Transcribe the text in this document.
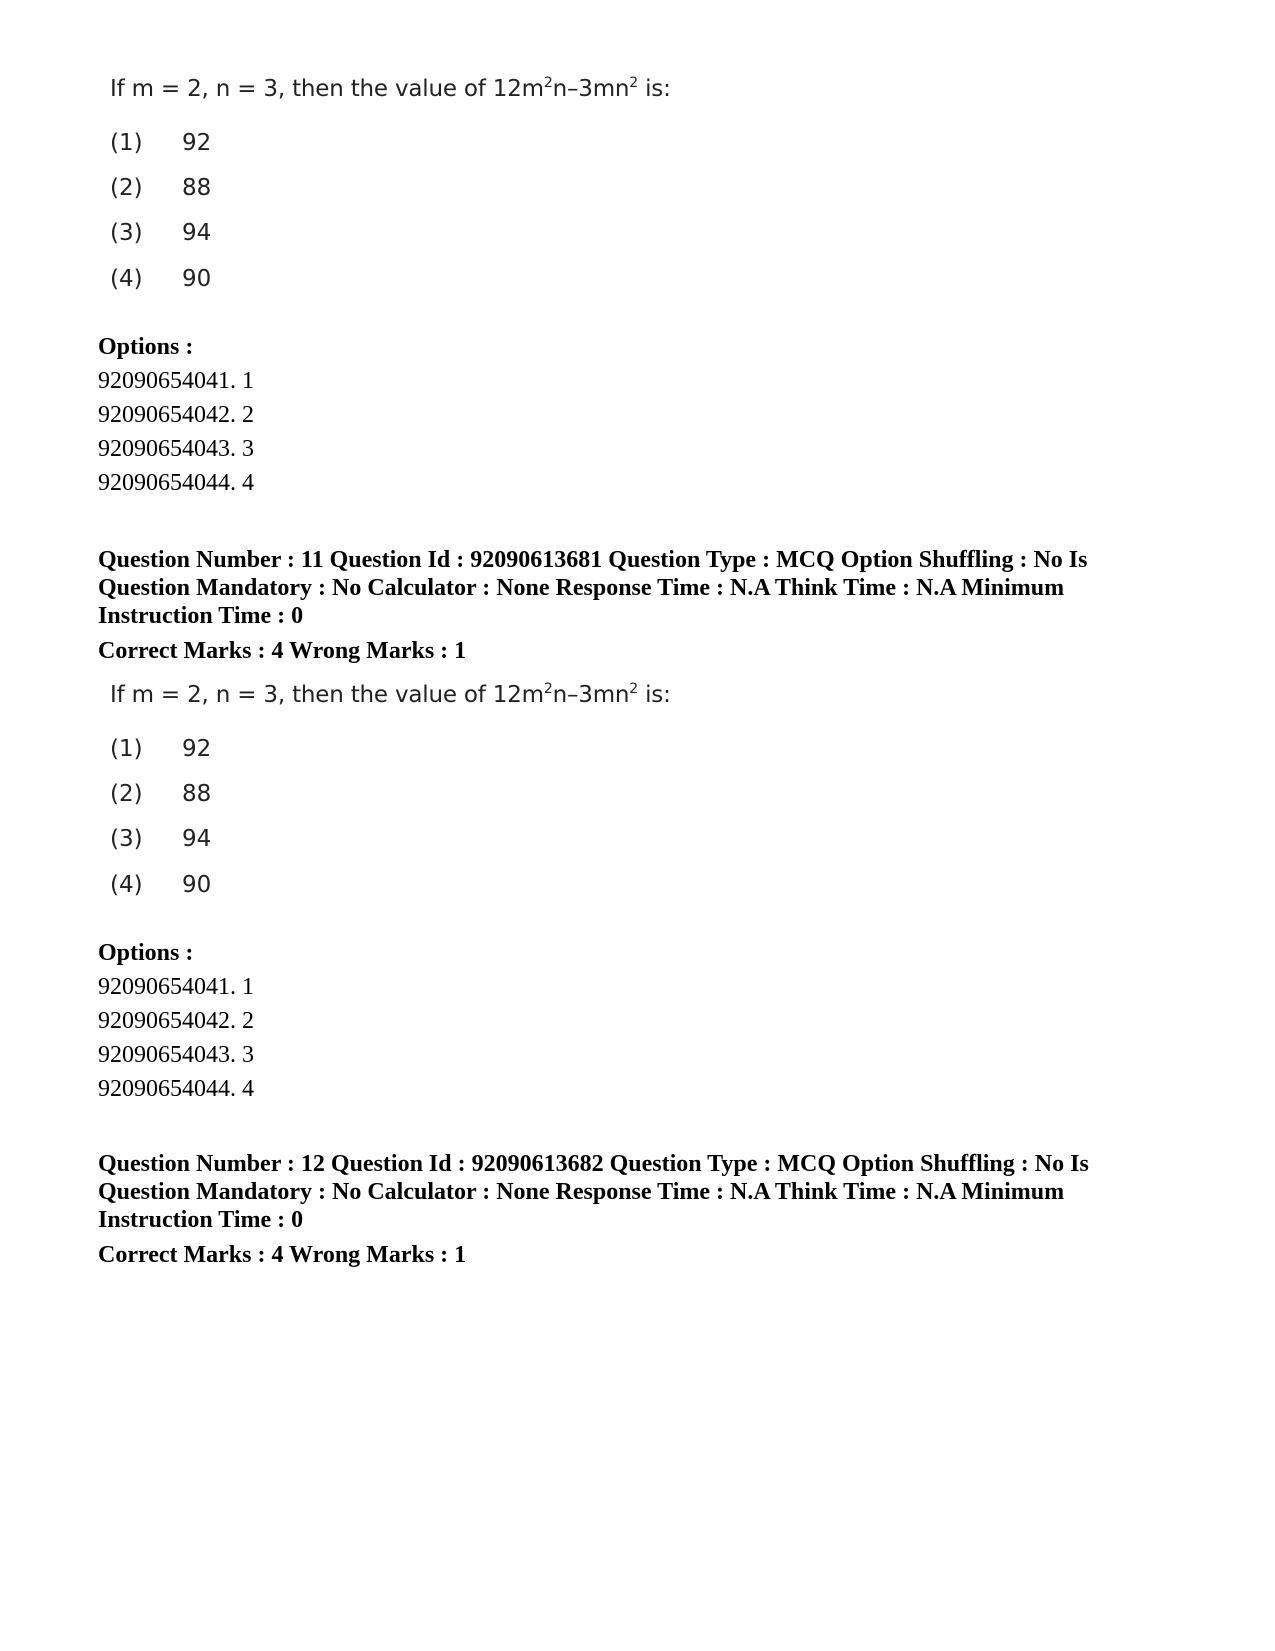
If m = 2, n = 3, then the value of $12m^2n-3mn^2$ is:
(1) 92
(2) 88
(3) 94
(4) 90

Options :

92090654041. 1

92090654042. 2

92090654043. 3

92090654044. 4

Question Number : 11 Question Id : 92090613681 Question Type : MCQ Option Shuffling : No Is

Question Mandatory : No Calculator : None Response Time : N.A Think Time : N.A Minimum

Instruction Time : 0

Correct Marks : 4 Wrong Marks : 1

If m = 2, n = 3, then the value of $12m^2n-3mn^2$ is:
(1) 92
(2) 88
(3) 94
(4) 90

Options :

92090654041. 1

92090654042. 2

92090654043. 3

92090654044. 4

Question Number : 12 Question Id : 92090613682 Question Type : MCQ Option Shuffling : No Is

Question Mandatory : No Calculator : None Response Time : N.A Think Time : N.A Minimum

Instruction Time : 0

Correct Marks : 4 Wrong Marks : 1
